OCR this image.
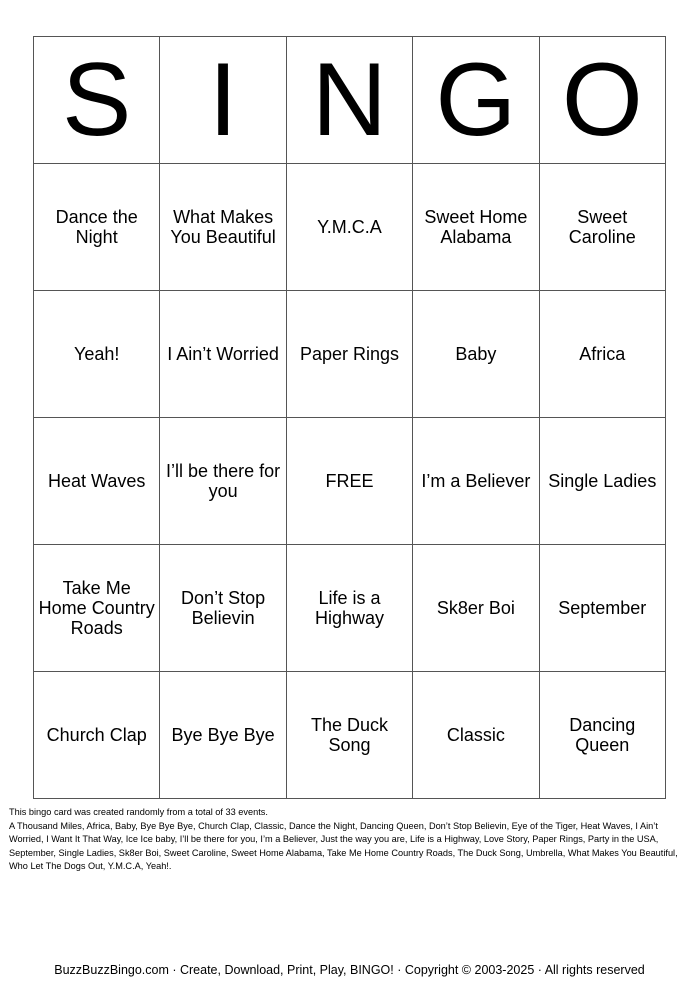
S	I	N	G	O
Dance the Night	What Makes You Beautiful	Y.M.C.A	Sweet Home Alabama	Sweet Caroline
Yeah!	I Ain’t Worried	Paper Rings	Baby	Africa
Heat Waves	I’ll be there for you	FREE	I’m a Believer	Single Ladies
Take Me Home Country Roads	Don’t Stop Believin	Life is a Highway	Sk8er Boi	September
Church Clap	Bye Bye Bye	The Duck Song	Classic	Dancing Queen

This bingo card was created randomly from a total of 33 events.

A Thousand Miles, Africa, Baby, Bye Bye Bye, Church Clap, Classic, Dance the Night, Dancing Queen, Don’t Stop Believin, Eye of the Tiger, Heat Waves, I Ain’t Worried, I Want It That Way, Ice Ice baby, I’ll be there for you, I’m a Believer, Just the way you are, Life is a Highway, Love Story, Paper Rings, Party in the USA, September, Single Ladies, Sk8er Boi, Sweet Caroline, Sweet Home Alabama, Take Me Home Country Roads, The Duck Song, Umbrella, What Makes You Beautiful, Who Let The Dogs Out, Y.M.C.A, Yeah!.

BuzzBuzzBingo.com · Create, Download, Print, Play, BINGO! · Copyright © 2003-2025 · All rights reserved
